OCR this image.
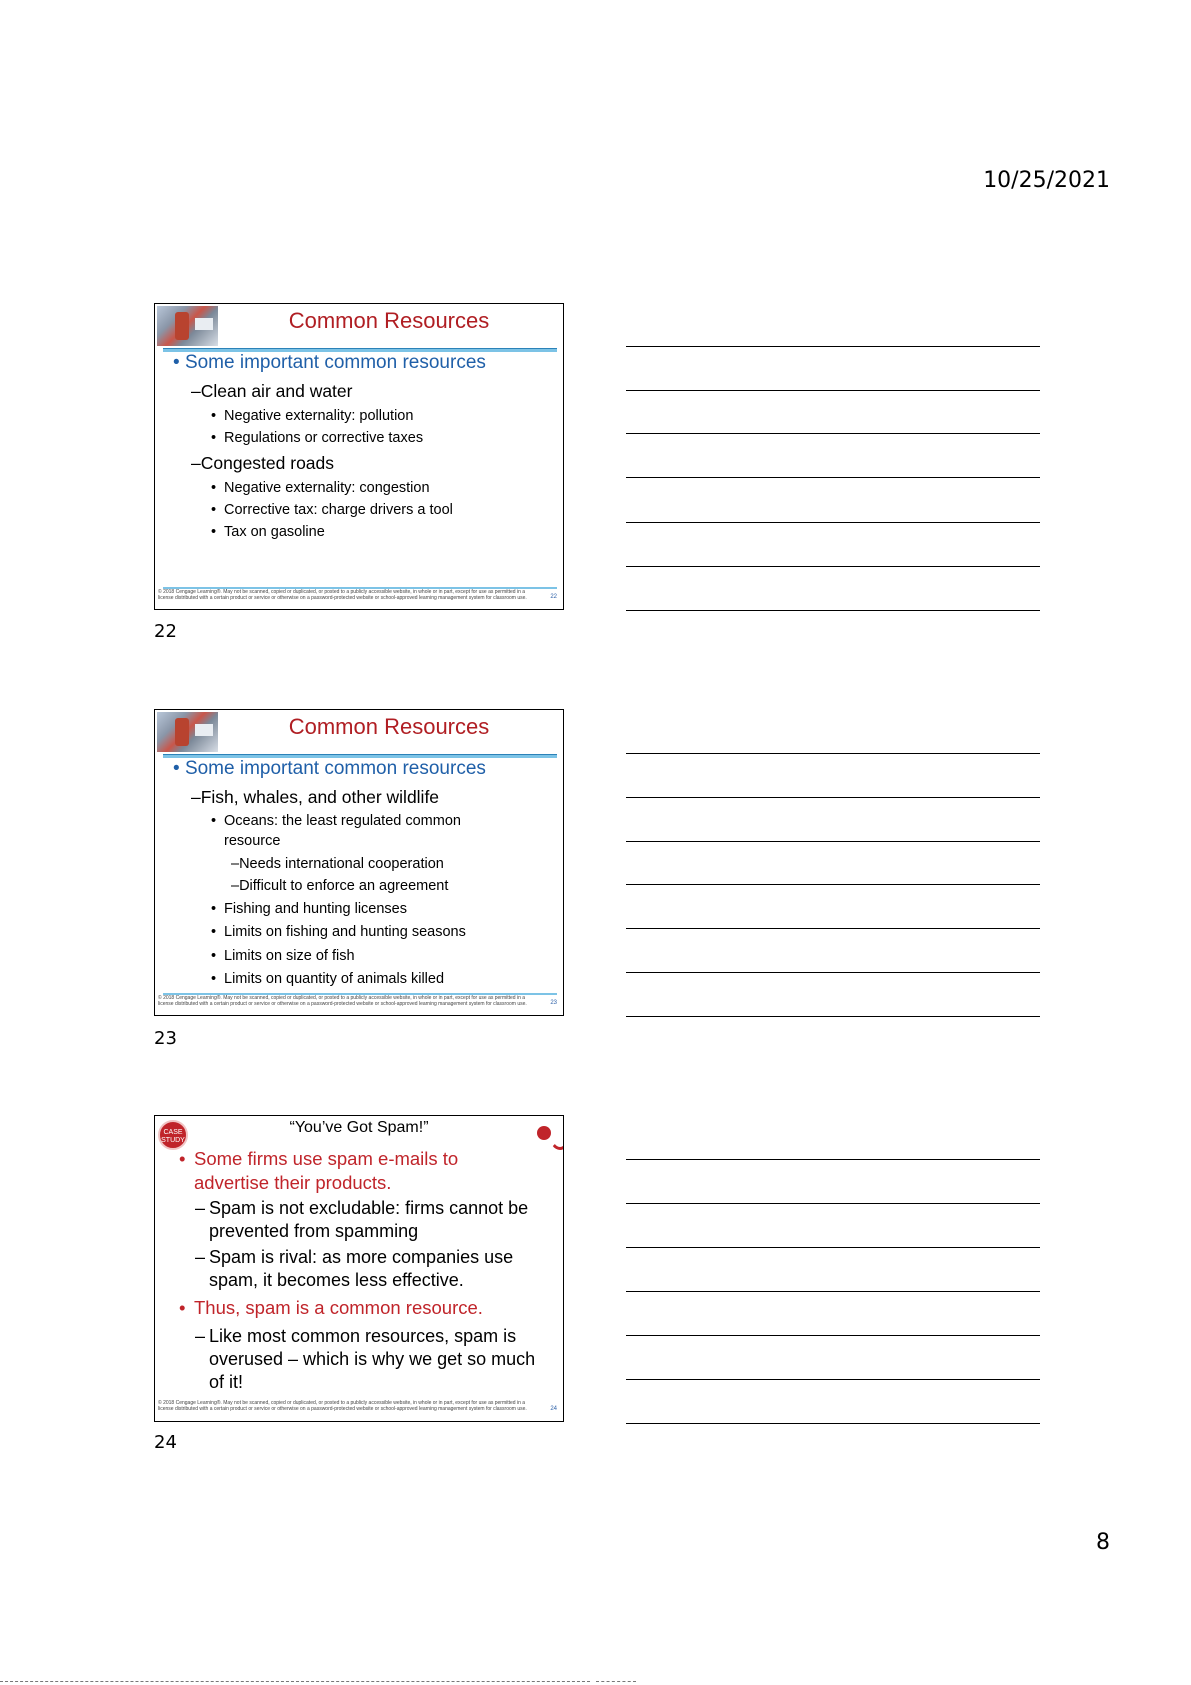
10/25/2021
Common Resources
• Some important common resources
–Clean air and water
• Negative externality: pollution
• Regulations or corrective taxes
–Congested roads
• Negative externality: congestion
• Corrective tax: charge drivers a tool
• Tax on gasoline
© 2018 Cengage Learning®. May not be scanned, copied or duplicated, or posted to a publicly accessible website, in whole or in part, except for use as permitted in a license distributed with a certain product or service or otherwise on a password-protected website or school-approved learning management system for classroom use.	22
22
Common Resources
• Some important common resources
–Fish, whales, and other wildlife
• Oceans: the least regulated common
resource
–Needs international cooperation
–Difficult to enforce an agreement
• Fishing and hunting licenses
• Limits on fishing and hunting seasons
• Limits on size of fish
• Limits on quantity of animals killed
© 2018 Cengage Learning®. May not be scanned, copied or duplicated, or posted to a publicly accessible website, in whole or in part, except for use as permitted in a license distributed with a certain product or service or otherwise on a password-protected website or school-approved learning management system for classroom use.	23
23
CASE STUDY
“You’ve Got Spam!”
• Some firms use spam e-mails to advertise their products.
– Spam is not excludable: firms cannot be prevented from spamming
– Spam is rival: as more companies use spam, it becomes less effective.
• Thus, spam is a common resource.
– Like most common resources, spam is overused – which is why we get so much of it!
© 2018 Cengage Learning®. May not be scanned, copied or duplicated, or posted to a publicly accessible website, in whole or in part, except for use as permitted in a license distributed with a certain product or service or otherwise on a password-protected website or school-approved learning management system for classroom use.	24
24
8
